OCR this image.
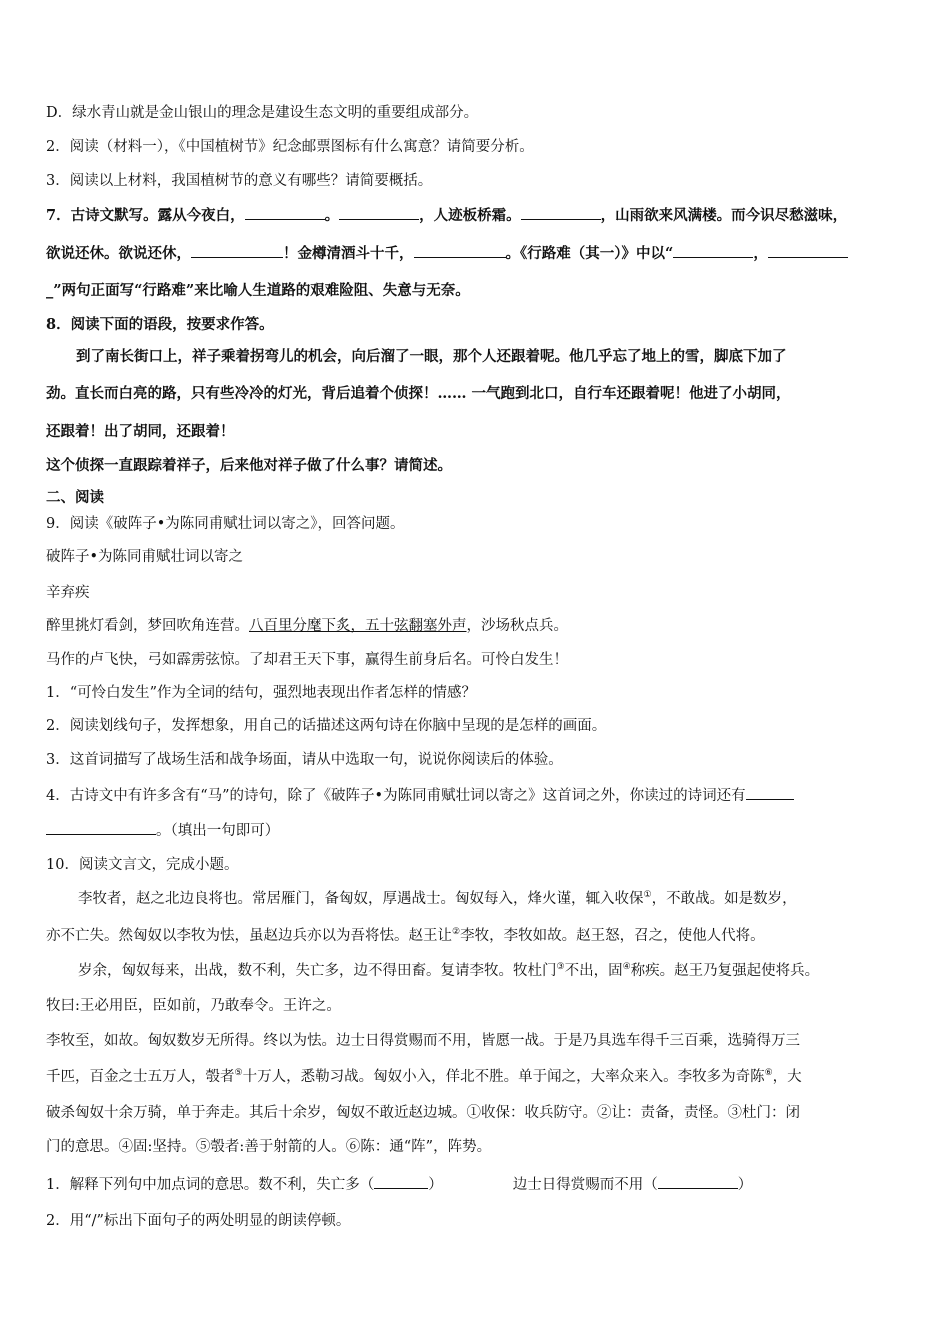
D．绿水青山就是金山银山的理念是建设生态文明的重要组成部分。
2．阅读（材料一），《中国植树节》纪念邮票图标有什么寓意？请简要分析。
3．阅读以上材料，我国植树节的意义有哪些？请简要概括。
7．古诗文默写。露从今夜白，	。	，人迹板桥霜。	，山雨欲来风满楼。而今识尽愁滋味，
欲说还休。欲说还休，	！金樽清酒斗十千，	。《行路难（其一）》中以“	，
_”两句正面写“行路难”来比喻人生道路的艰难险阻、失意与无奈。
8．阅读下面的语段，按要求作答。
到了南长街口上，祥子乘着拐弯儿的机会，向后溜了一眼，那个人还跟着呢。他几乎忘了地上的雪，脚底下加了
劲。直长而白亮的路，只有些冷冷的灯光，背后追着个侦探！…… 一气跑到北口，自行车还跟着呢！他进了小胡同，
还跟着！出了胡同，还跟着！
这个侦探一直跟踪着祥子，后来他对祥子做了什么事？请简述。
二、阅读
9．阅读《破阵子•为陈同甫赋壮词以寄之》，回答问题。
破阵子•为陈同甫赋壮词以寄之
辛弃疾
醉里挑灯看剑，梦回吹角连营。八百里分麾下炙，五十弦翻塞外声，沙场秋点兵。
马作的卢飞快，弓如霹雳弦惊。了却君王天下事，赢得生前身后名。可怜白发生！
1．“可怜白发生”作为全词的结句，强烈地表现出作者怎样的情感？
2．阅读划线句子，发挥想象，用自己的话描述这两句诗在你脑中呈现的是怎样的画面。
3．这首词描写了战场生活和战争场面，请从中选取一句，说说你阅读后的体验。
4．古诗文中有许多含有“马”的诗句，除了《破阵子•为陈同甫赋壮词以寄之》这首词之外，你读过的诗词还有
。（填出一句即可）
10．阅读文言文，完成小题。
李牧者，赵之北边良将也。常居雁门，备匈奴，厚遇战士。匈奴每入，烽火谨，辄入收保①，不敢战。如是数岁，
亦不亡失。然匈奴以李牧为怯，虽赵边兵亦以为吾将怯。赵王让②李牧，李牧如故。赵王怒，召之，使他人代将。
岁余，匈奴每来，出战，数不利，失亡多，边不得田畜。复请李牧。牧杜门③不出，固④称疾。赵王乃复强起使将兵。
牧曰:王必用臣，臣如前，乃敢奉令。王许之。
李牧至，如故。匈奴数岁无所得。终以为怯。边士日得赏赐而不用，皆愿一战。于是乃具选车得千三百乘，选骑得万三
千匹，百金之士五万人，彀者⑤十万人，悉勒习战。匈奴小入，佯北不胜。单于闻之，大率众来入。李牧多为奇陈⑥，大
破杀匈奴十余万骑，单于奔走。其后十余岁，匈奴不敢近赵边城。①收保：收兵防守。②让：责备，责怪。③杜门：闭
门的意思。④固:坚持。⑤彀者:善于射箭的人。⑥陈：通“阵”，阵势。
1．解释下列句中加点词的意思。数不利，失亡多（	）	边士日得赏赐而不用（	）
2．用“/”标出下面句子的两处明显的朗读停顿。
